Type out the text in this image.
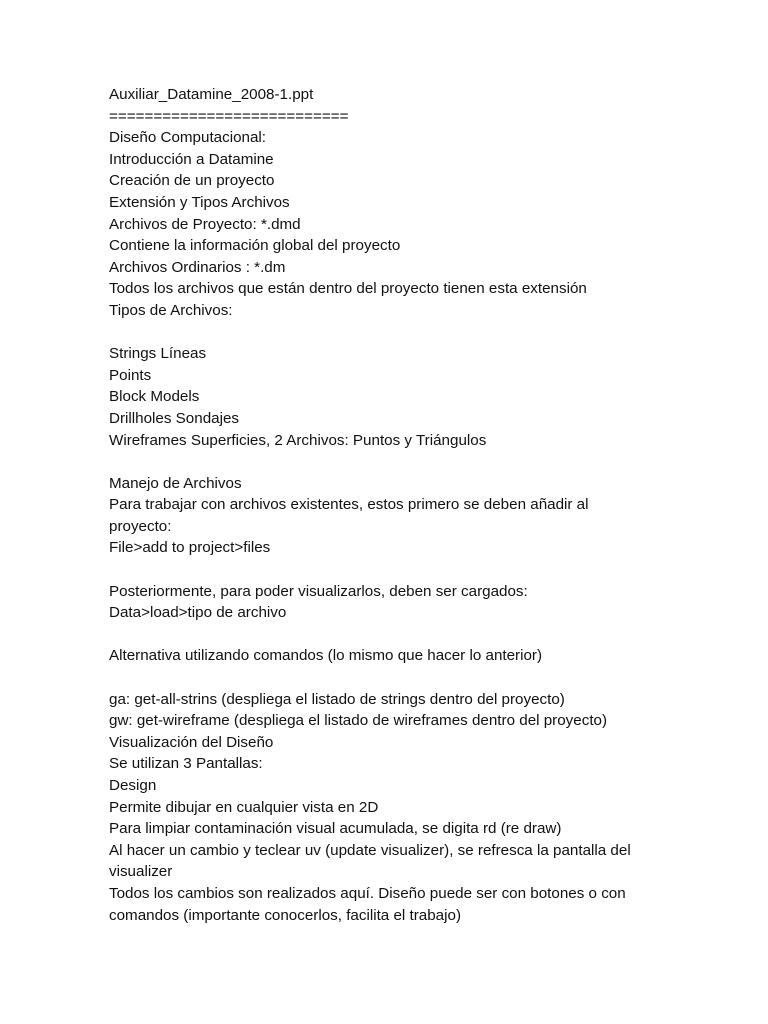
Auxiliar_Datamine_2008-1.ppt
===========================
Diseño Computacional:
Introducción a Datamine
Creación de un proyecto
Extensión y Tipos Archivos
Archivos de Proyecto: *.dmd
Contiene la información global del proyecto
Archivos Ordinarios : *.dm
Todos los archivos que están dentro del proyecto tienen esta extensión
Tipos de Archivos:
Strings Líneas
Points
Block Models
Drillholes Sondajes
Wireframes Superficies, 2 Archivos: Puntos y Triángulos
Manejo de Archivos
Para trabajar con archivos existentes, estos primero se deben añadir al
proyecto:
File>add to project>files
Posteriormente, para poder visualizarlos, deben ser cargados:
Data>load>tipo de archivo
Alternativa utilizando comandos (lo mismo que hacer lo anterior)
ga: get-all-strins (despliega el listado de strings dentro del proyecto)
gw: get-wireframe (despliega el listado de wireframes dentro del proyecto)
Visualización del Diseño
Se utilizan 3 Pantallas:
Design
Permite dibujar en cualquier vista en 2D
Para limpiar contaminación visual acumulada, se digita rd (re draw)
Al hacer un cambio y teclear uv (update visualizer), se refresca la pantalla del
visualizer
Todos los cambios son realizados aquí. Diseño puede ser con botones o con
comandos (importante conocerlos, facilita el trabajo)
